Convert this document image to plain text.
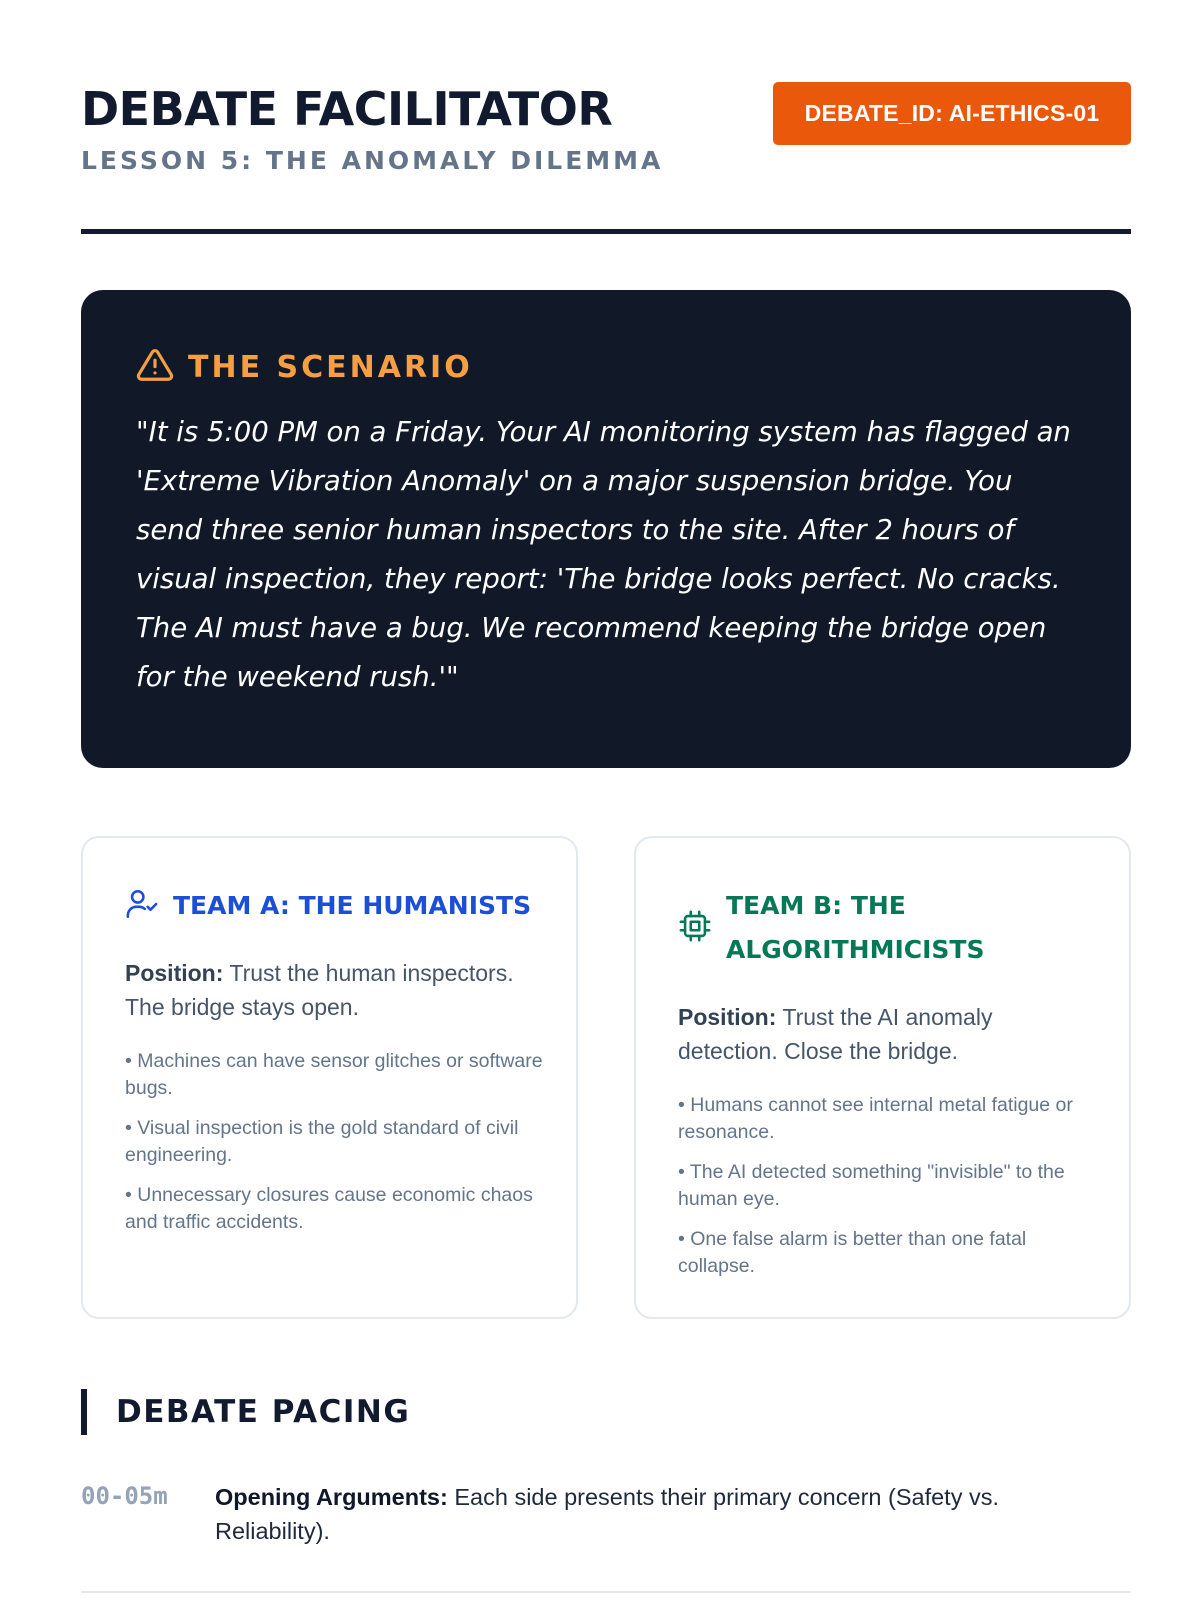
DEBATE FACILITATOR
LESSON 5: THE ANOMALY DILEMMA
DEBATE_ID: AI-ETHICS-01
THE SCENARIO

"It is 5:00 PM on a Friday. Your AI monitoring system has flagged an 'Extreme Vibration Anomaly' on a major suspension bridge. You send three senior human inspectors to the site. After 2 hours of visual inspection, they report: 'The bridge looks perfect. No cracks. The AI must have a bug. We recommend keeping the bridge open for the weekend rush.'"

TEAM A: THE HUMANISTS

Position: Trust the human inspectors. The bridge stays open.

• Machines can have sensor glitches or software bugs.
• Visual inspection is the gold standard of civil engineering.
• Unnecessary closures cause economic chaos and traffic accidents.
TEAM B: THE ALGORITHMICISTS

Position: Trust the AI anomaly detection. Close the bridge.

• Humans cannot see internal metal fatigue or resonance.
• The AI detected something "invisible" to the human eye.
• One false alarm is better than one fatal collapse.
DEBATE PACING
00-05m	Opening Arguments: Each side presents their primary concern (Safety vs. Reliability).
